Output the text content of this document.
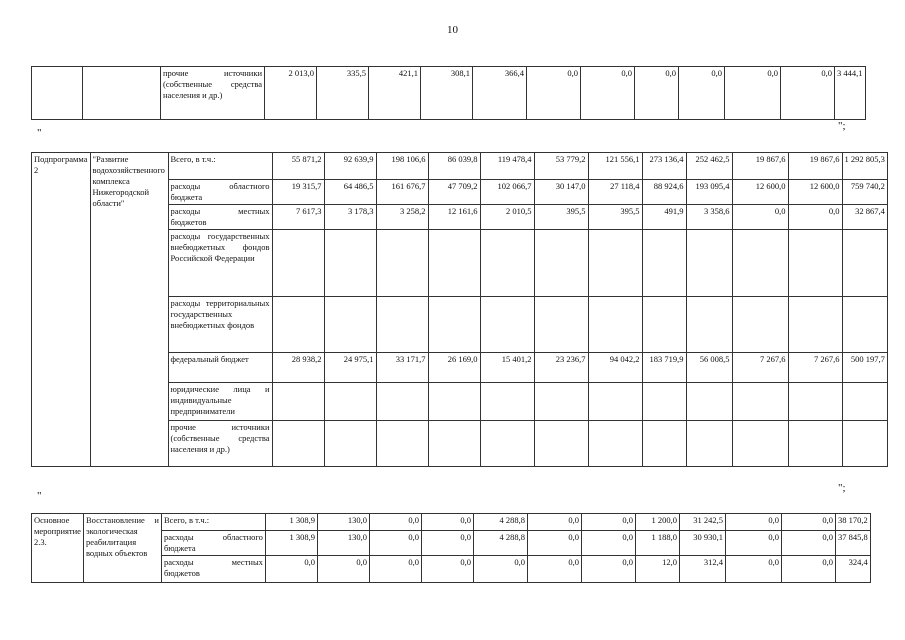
10
		прочие источники (собственные средства населения и др.)	2 013,0	335,5	421,1	308,1	366,4	0,0	0,0	0,0	0,0	0,0	0,0	3 444,1
"
";
Подпрограмма 2	"Развитие водохозяйственного комплекса Нижегородской области"	Всего, в т.ч.:	55 871,2	92 639,9	198 106,6	86 039,8	119 478,4	53 779,2	121 556,1	273 136,4	252 462,5	19 867,6	19 867,6	1 292 805,3
		расходы областного бюджета	19 315,7	64 486,5	161 676,7	47 709,2	102 066,7	30 147,0	27 118,4	88 924,6	193 095,4	12 600,0	12 600,0	759 740,2
		расходы местных бюджетов	7 617,3	3 178,3	3 258,2	12 161,6	2 010,5	395,5	395,5	491,9	3 358,6	0,0	0,0	32 867,4
		расходы государственных внебюджетных фондов Российской Федерации												
		расходы территориальных государственных внебюджетных фондов												
		федеральный бюджет	28 938,2	24 975,1	33 171,7	26 169,0	15 401,2	23 236,7	94 042,2	183 719,9	56 008,5	7 267,6	7 267,6	500 197,7
		юридические лица и индивидуальные предприниматели												
		прочие источники (собственные средства населения и др.)												
"
";
Основное мероприятие 2.3.	Восстановление и экологическая реабилитация водных объектов	Всего, в т.ч.:	1 308,9	130,0	0,0	0,0	4 288,8	0,0	0,0	1 200,0	31 242,5	0,0	0,0	38 170,2
		расходы областного бюджета	1 308,9	130,0	0,0	0,0	4 288,8	0,0	0,0	1 188,0	30 930,1	0,0	0,0	37 845,8
		расходы местных бюджетов	0,0	0,0	0,0	0,0	0,0	0,0	0,0	12,0	312,4	0,0	0,0	324,4
